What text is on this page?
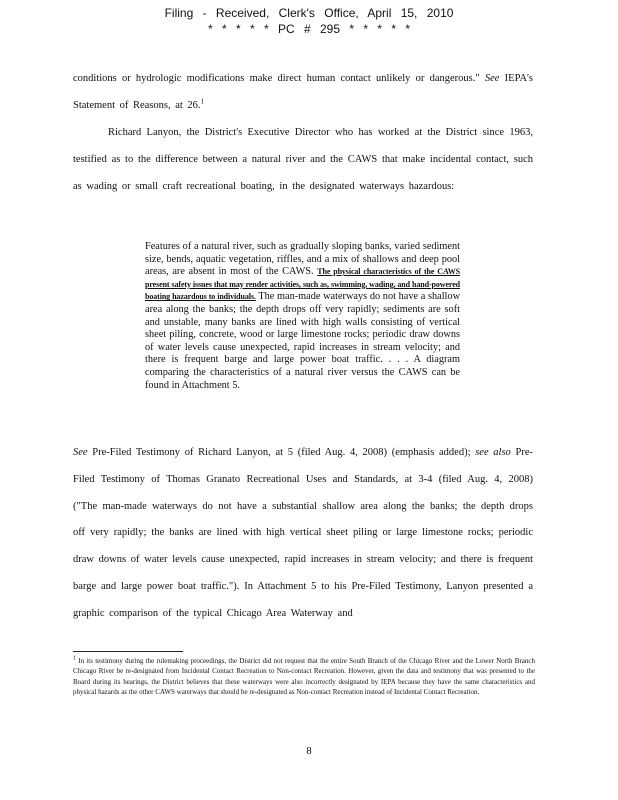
Filing - Received, Clerk's Office, April 15, 2010
* * * * * PC # 295 * * * * *

conditions or hydrologic modifications make direct human contact unlikely or dangerous." See IEPA's Statement of Reasons, at 26.$^1$

Richard Lanyon, the District's Executive Director who has worked at the District since 1963, testified as to the difference between a natural river and the CAWS that make incidental contact, such as wading or small craft recreational boating, in the designated waterways hazardous:

Features of a natural river, such as gradually sloping banks, varied sediment size, bends, aquatic vegetation, riffles, and a mix of shallows and deep pool areas, are absent in most of the CAWS. The physical characteristics of the CAWS present safety issues that may render activities, such as, swimming, wading, and hand-powered boating hazardous to individuals. The man-made waterways do not have a shallow area along the banks; the depth drops off very rapidly; sediments are soft and unstable, many banks are lined with high walls consisting of vertical sheet piling, concrete, wood or large limestone rocks; periodic draw downs of water levels cause unexpected, rapid increases in stream velocity; and there is frequent barge and large power boat traffic. . . . A diagram comparing the characteristics of a natural river versus the CAWS can be found in Attachment 5.

See Pre-Filed Testimony of Richard Lanyon, at 5 (filed Aug. 4, 2008) (emphasis added); see also Pre-Filed Testimony of Thomas Granato Recreational Uses and Standards, at 3-4 (filed Aug. 4, 2008) ("The man-made waterways do not have a substantial shallow area along the banks; the depth drops off very rapidly; the banks are lined with high vertical sheet piling or large limestone rocks; periodic draw downs of water levels cause unexpected, rapid increases in stream velocity; and there is frequent barge and large power boat traffic."). In Attachment 5 to his Pre-Filed Testimony, Lanyon presented a graphic comparison of the typical Chicago Area Waterway and

$^1$ In its testimony during the rulemaking proceedings, the District did not request that the entire South Branch of the Chicago River and the Lower North Branch Chicago River be re-designated from Incidental Contact Recreation to Non-contact Recreation. However, given the data and testimony that was presented to the Board during its hearings, the District believes that these waterways were also incorrectly designated by IEPA because they have the same characteristics and physical hazards as the other CAWS waterways that should be re-designated as Non-contact Recreation instead of Incidental Contact Recreation.

8
